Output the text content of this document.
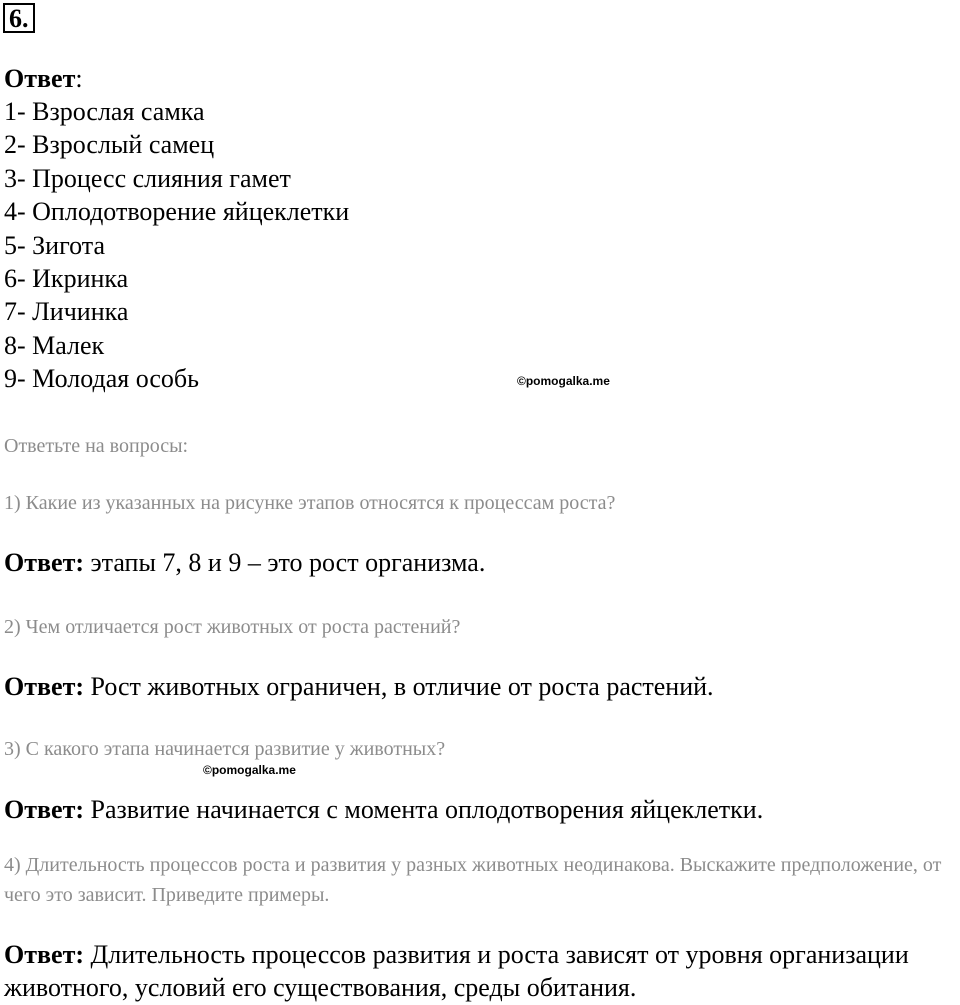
6.
Ответ:
1- Взрослая самка
2- Взрослый самец
3- Процесс слияния гамет
4- Оплодотворение яйцеклетки
5- Зигота
6- Икринка
7- Личинка
8- Малек
9- Молодая особь	©pomogalka.me
Ответьте на вопросы:
1) Какие из указанных на рисунке этапов относятся к процессам роста?
Ответ: этапы 7, 8 и 9 – это рост организма.
2) Чем отличается рост животных от роста растений?
Ответ: Рост животных ограничен, в отличие от роста растений.
3) С какого этапа начинается развитие у животных?
©pomogalka.me
Ответ: Развитие начинается с момента оплодотворения яйцеклетки.
4) Длительность процессов роста и развития у разных животных неодинакова. Выскажите предположение, от чего это зависит. Приведите примеры.
Ответ: Длительность процессов развития и роста зависят от уровня организации животного, условий его существования, среды обитания.
